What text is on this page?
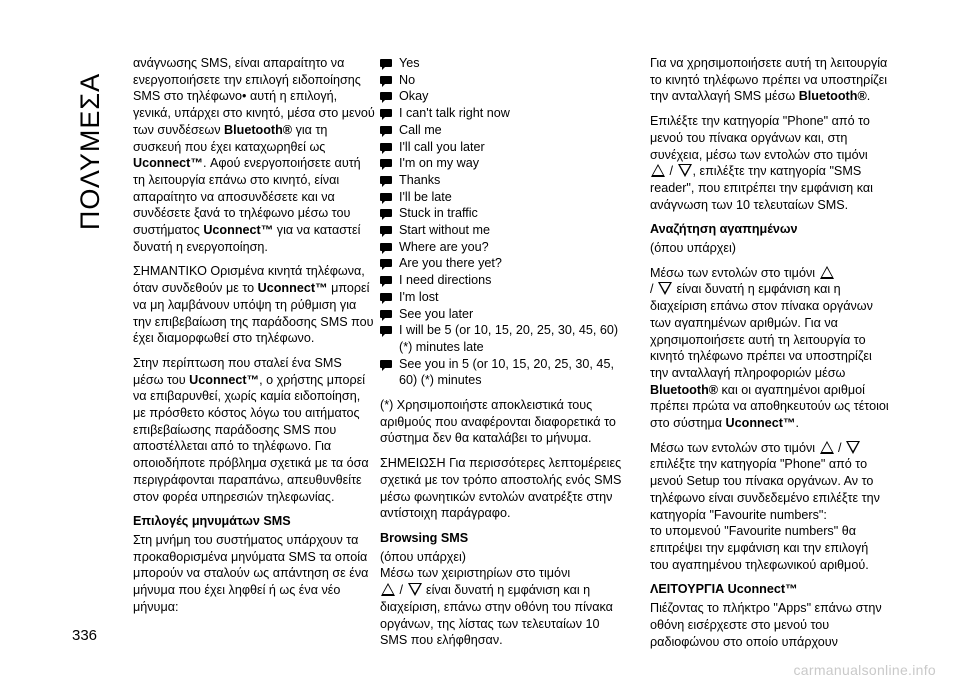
ΠΟΛΥΜΕΣΑ

ανάγνωσης SMS, είναι απαραίτητο να ενεργοποιήσετε την επιλογή ειδοποίησης SMS στο τηλέφωνο• αυτή η επιλογή, γενικά, υπάρχει στο κινητό, μέσα στο μενού των συνδέσεων Bluetooth® για τη συσκευή που έχει καταχωρηθεί ως Uconnect™. Αφού ενεργοποιήσετε αυτή τη λειτουργία επάνω στο κινητό, είναι απαραίτητο να αποσυνδέσετε και να συνδέσετε ξανά το τηλέφωνο μέσω του συστήματος Uconnect™ για να καταστεί δυνατή η ενεργοποίηση.

ΣΗΜΑΝΤΙΚΟ Ορισμένα κινητά τηλέφωνα, όταν συνδεθούν με το Uconnect™ μπορεί να μη λαμβάνουν υπόψη τη ρύθμιση για την επιβεβαίωση της παράδοσης SMS που έχει διαμορφωθεί στο τηλέφωνο.

Στην περίπτωση που σταλεί ένα SMS μέσω του Uconnect™, ο χρήστης μπορεί να επιβαρυνθεί, χωρίς καμία ειδοποίηση, με πρόσθετο κόστος λόγω του αιτήματος επιβεβαίωσης παράδοσης SMS που αποστέλλεται από το τηλέφωνο. Για οποιοδήποτε πρόβλημα σχετικά με τα όσα περιγράφονται παραπάνω, απευθυνθείτε στον φορέα υπηρεσιών τηλεφωνίας.

Επιλογές μηνυμάτων SMS

Στη μνήμη του συστήματος υπάρχουν τα προκαθορισμένα μηνύματα SMS τα οποία μπορούν να σταλούν ως απάντηση σε ένα μήνυμα που έχει ληφθεί ή ως ένα νέο μήνυμα:

Yes
No
Okay
I can't talk right now
Call me
I'll call you later
I'm on my way
Thanks
I'll be late
Stuck in traffic
Start without me
Where are you?
Are you there yet?
I need directions
I'm lost
See you later
I will be 5 (or 10, 15, 20, 25, 30, 45, 60) (*) minutes late
See you in 5 (or 10, 15, 20, 25, 30, 45, 60) (*) minutes

(*) Χρησιμοποιήστε αποκλειστικά τους αριθμούς που αναφέρονται διαφορετικά το σύστημα δεν θα καταλάβει το μήνυμα.

ΣΗΜΕΙΩΣΗ Για περισσότερες λεπτομέρειες σχετικά με τον τρόπο αποστολής ενός SMS μέσω φωνητικών εντολών ανατρέξτε στην αντίστοιχη παράγραφο.

Browsing SMS

(όπου υπάρχει)

Μέσω των χειριστηρίων στο τιμόνι
/  είναι δυνατή η εμφάνιση και η διαχείριση, επάνω στην οθόνη του πίνακα οργάνων, της λίστας των τελευταίων 10 SMS που ελήφθησαν.

Για να χρησιμοποιήσετε αυτή τη λειτουργία το κινητό τηλέφωνο πρέπει να υποστηρίζει την ανταλλαγή SMS μέσω Bluetooth®.

Επιλέξτε την κατηγορία "Phone" από το μενού του πίνακα οργάνων και, στη συνέχεια, μέσω των εντολών στο τιμόνι
/ , επιλέξτε την κατηγορία "SMS reader", που επιτρέπει την εμφάνιση και ανάγνωση των 10 τελευταίων SMS.

Αναζήτηση αγαπημένων

(όπου υπάρχει)

Μέσω των εντολών στο τιμόνι
/  είναι δυνατή η εμφάνιση και η διαχείριση επάνω στον πίνακα οργάνων των αγαπημένων αριθμών. Για να χρησιμοποιήσετε αυτή τη λειτουργία το κινητό τηλέφωνο πρέπει να υποστηρίζει την ανταλλαγή πληροφοριών μέσω Bluetooth® και οι αγαπημένοι αριθμοί πρέπει πρώτα να αποθηκευτούν ως τέτοιοι στο σύστημα Uconnect™.

Μέσω των εντολών στο τιμόνι /  επιλέξτε την κατηγορία "Phone" από το μενού Setup του πίνακα οργάνων. Αν το τηλέφωνο είναι συνδεδεμένο επιλέξτε την κατηγορία "Favourite numbers":
το υπομενού "Favourite numbers" θα επιτρέψει την εμφάνιση και την επιλογή του αγαπημένου τηλεφωνικού αριθμού.

ΛΕΙΤΟΥΡΓΙΑ Uconnect™

Πιέζοντας το πλήκτρο "Apps" επάνω στην οθόνη εισέρχεστε στο μενού του ραδιοφώνου στο οποίο υπάρχουν

336
carmanualsonline.info
